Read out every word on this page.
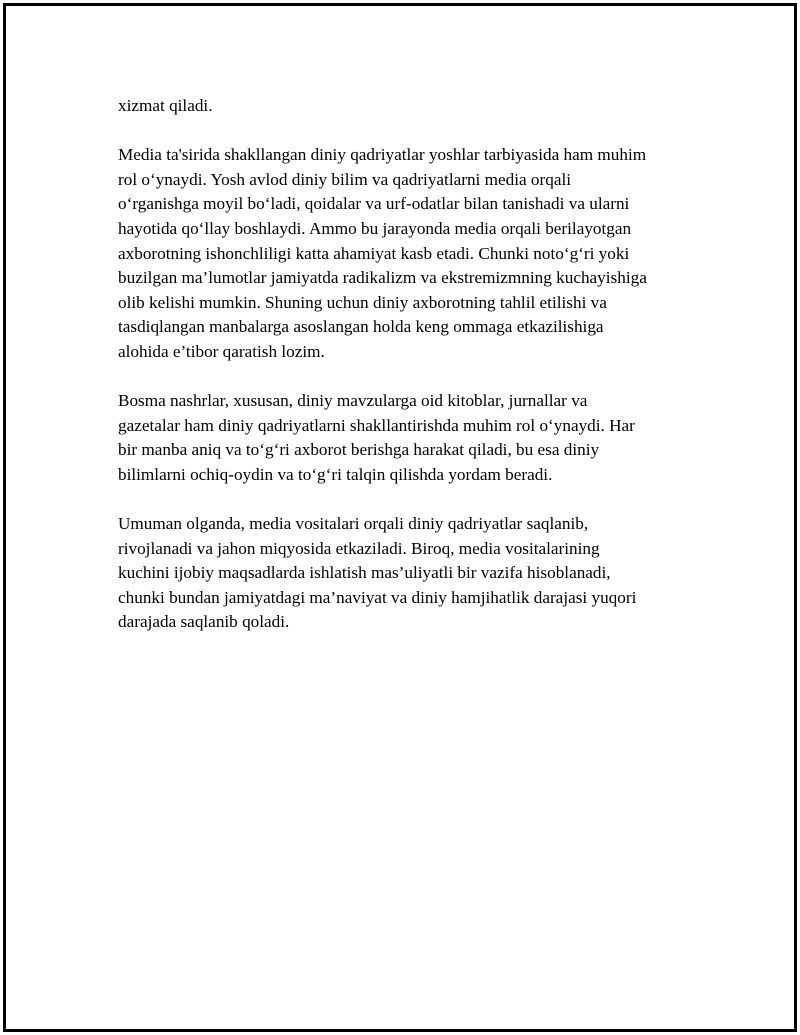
xizmat qiladi.

Media ta'sirida shakllangan diniy qadriyatlar yoshlar tarbiyasida ham muhim
rol o‘ynaydi. Yosh avlod diniy bilim va qadriyatlarni media orqali
o‘rganishga moyil bo‘ladi, qoidalar va urf-odatlar bilan tanishadi va ularni
hayotida qo‘llay boshlaydi. Ammo bu jarayonda media orqali berilayotgan
axborotning ishonchliligi katta ahamiyat kasb etadi. Chunki noto‘g‘ri yoki
buzilgan ma’lumotlar jamiyatda radikalizm va ekstremizmning kuchayishiga
olib kelishi mumkin. Shuning uchun diniy axborotning tahlil etilishi va
tasdiqlangan manbalarga asoslangan holda keng ommaga etkazilishiga
alohida e’tibor qaratish lozim.

Bosma nashrlar, xususan, diniy mavzularga oid kitoblar, jurnallar va
gazetalar ham diniy qadriyatlarni shakllantirishda muhim rol o‘ynaydi. Har
bir manba aniq va to‘g‘ri axborot berishga harakat qiladi, bu esa diniy
bilimlarni ochiq-oydin va to‘g‘ri talqin qilishda yordam beradi.

Umuman olganda, media vositalari orqali diniy qadriyatlar saqlanib,
rivojlanadi va jahon miqyosida etkaziladi. Biroq, media vositalarining
kuchini ijobiy maqsadlarda ishlatish mas’uliyatli bir vazifa hisoblanadi,
chunki bundan jamiyatdagi ma’naviyat va diniy hamjihatlik darajasi yuqori
darajada saqlanib qoladi.
